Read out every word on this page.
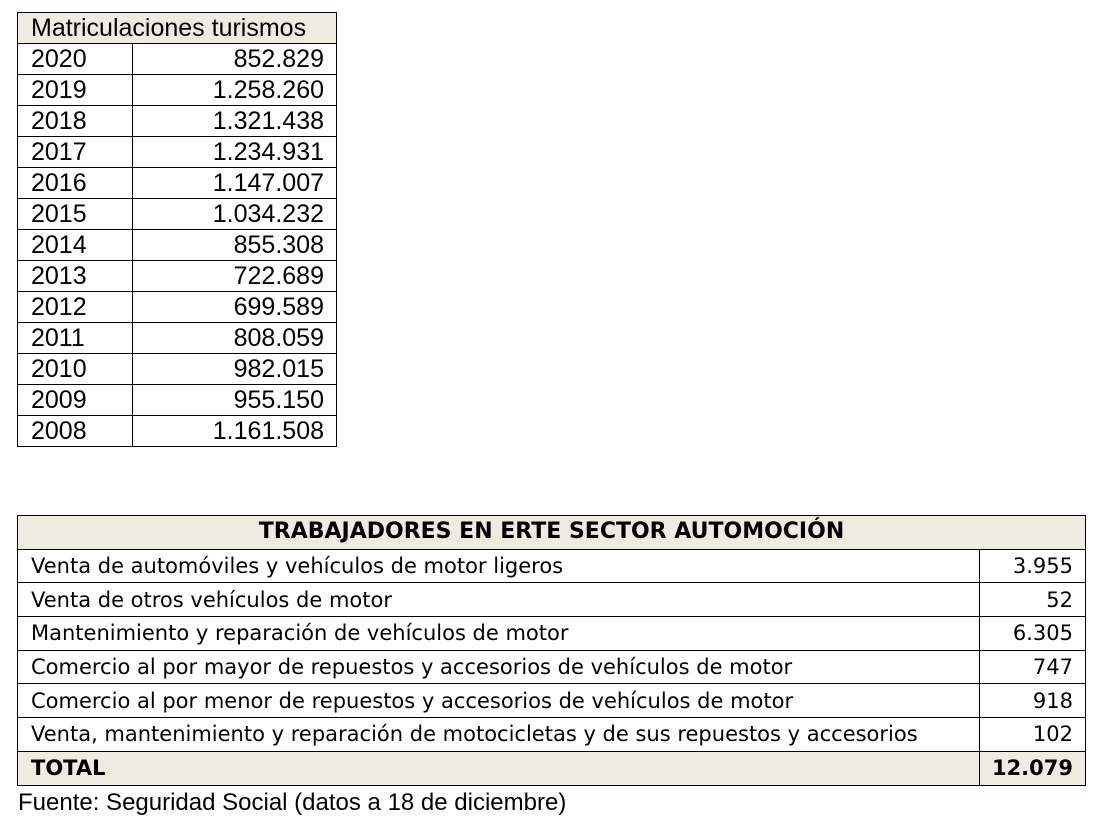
Matriculaciones turismos	
2020	852.829
2019	1.258.260
2018	1.321.438
2017	1.234.931
2016	1.147.007
2015	1.034.232
2014	855.308
2013	722.689
2012	699.589
2011	808.059
2010	982.015
2009	955.150
2008	1.161.508
TRABAJADORES EN ERTE SECTOR AUTOMOCIÓN	
Venta de automóviles y vehículos de motor ligeros	3.955
Venta de otros vehículos de motor	52
Mantenimiento y reparación de vehículos de motor	6.305
Comercio al por mayor de repuestos y accesorios de vehículos de motor	747
Comercio al por menor de repuestos y accesorios de vehículos de motor	918
Venta, mantenimiento y reparación de motocicletas y de sus repuestos y accesorios	102
TOTAL	12.079
Fuente: Seguridad Social (datos a 18 de diciembre)
